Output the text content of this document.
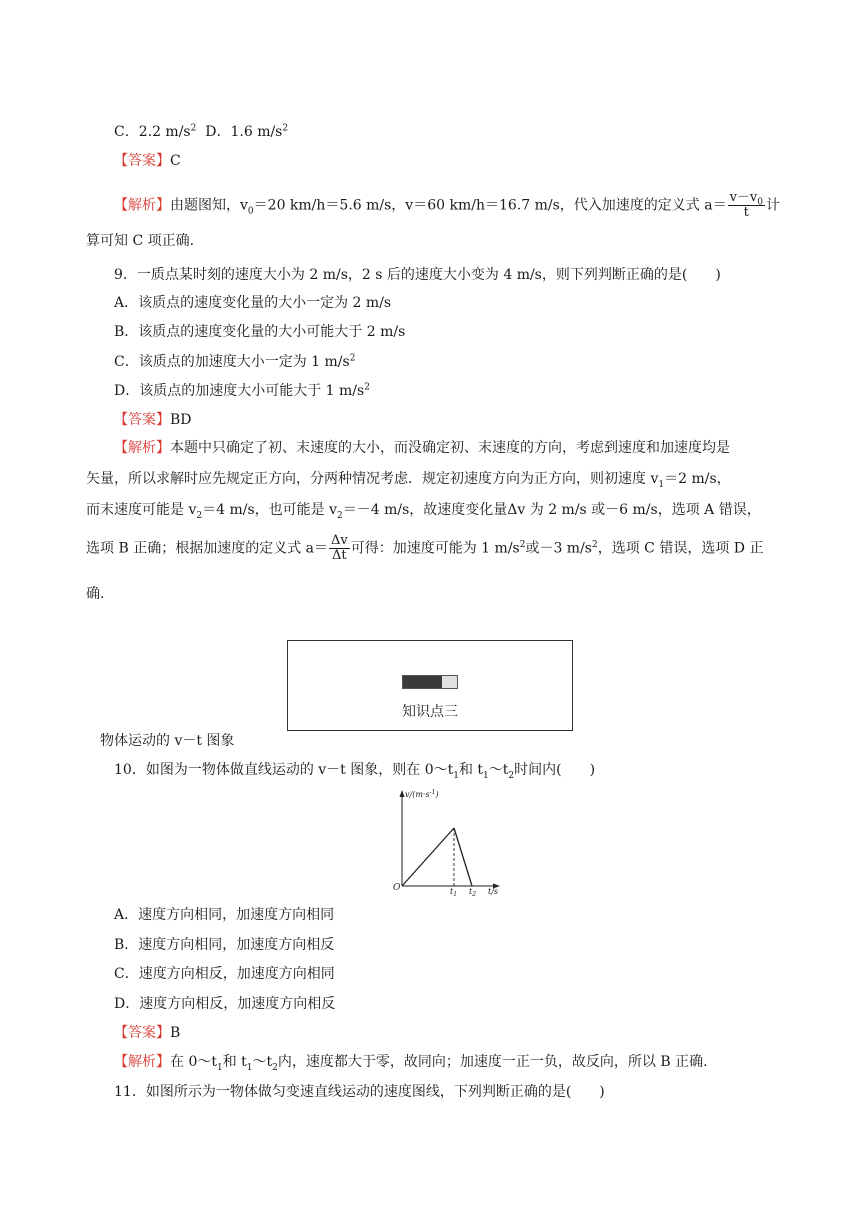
C．2.2 $m/s^2$ D．1.6 $m/s^2$
【答案】C
【解析】由题图知，$v_0=20$ km/h＝5.6 m/s，v＝60 km/h＝16.7 m/s，代入加速度的定义式 $a= \frac{v-v_0}{t}$ 计
算可知 C 项正确.
9．一质点某时刻的速度大小为 2 m/s，2 s 后的速度大小变为 4 m/s，则下列判断正确的是(　　)
A．该质点的速度变化量的大小一定为 2 m/s
B．该质点的速度变化量的大小可能大于 2 m/s
C．该质点的加速度大小一定为 1 $m/s^2$
D．该质点的加速度大小可能大于 1 $m/s^2$
【答案】BD
【解析】本题中只确定了初、末速度的大小，而没确定初、末速度的方向，考虑到速度和加速度均是
矢量，所以求解时应先规定正方向，分两种情况考虑．规定初速度方向为正方向，则初速度 $v_1=2$ m/s，
而末速度可能是 $v_2=4$ m/s，也可能是 $v_2=-4$ m/s，故速度变化量Δv 为 2 m/s 或－6 m/s，选项 A 错误，
选项 B 正确；根据加速度的定义式 $a= \frac{\Delta v}{\Delta t}$ 可得：加速度可能为 1 $m/s^2$或－3 $m/s^2$，选项 C 错误，选项 D 正
确.
知识点三
物体运动的 v－t 图象
10．如图为一物体做直线运动的 v－t 图象，则在 $0\sim t_1$和 $t_1\sim t_2$时间内(　　)
$v/(m\cdot s^{-1})$
O	$t_1$ $t_2$ t/s
A．速度方向相同，加速度方向相同
B．速度方向相同，加速度方向相反
C．速度方向相反，加速度方向相同
D．速度方向相反，加速度方向相反
【答案】B
【解析】在 $0\sim t_1$和 $t_1\sim t_2$内，速度都大于零，故同向；加速度一正一负，故反向，所以 B 正确.
11．如图所示为一物体做匀变速直线运动的速度图线，下列判断正确的是(　　)
